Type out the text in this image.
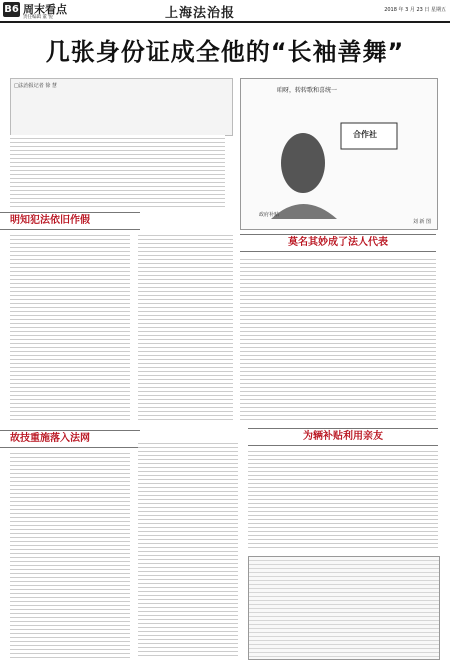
B6 周末看点
责任编辑 董 悦	上海法治报	2018 年 3 月 23 日 星期五
几张身份证成全他的“长袖善舞”
□法治报记者 徐 慧
咱呀，转转歌和喜统一
合作社
政府补贴
刘 新 图
明知犯法依旧作假
莫名其妙成了法人代表
故技重施落入法网	为辆补贴利用亲友
